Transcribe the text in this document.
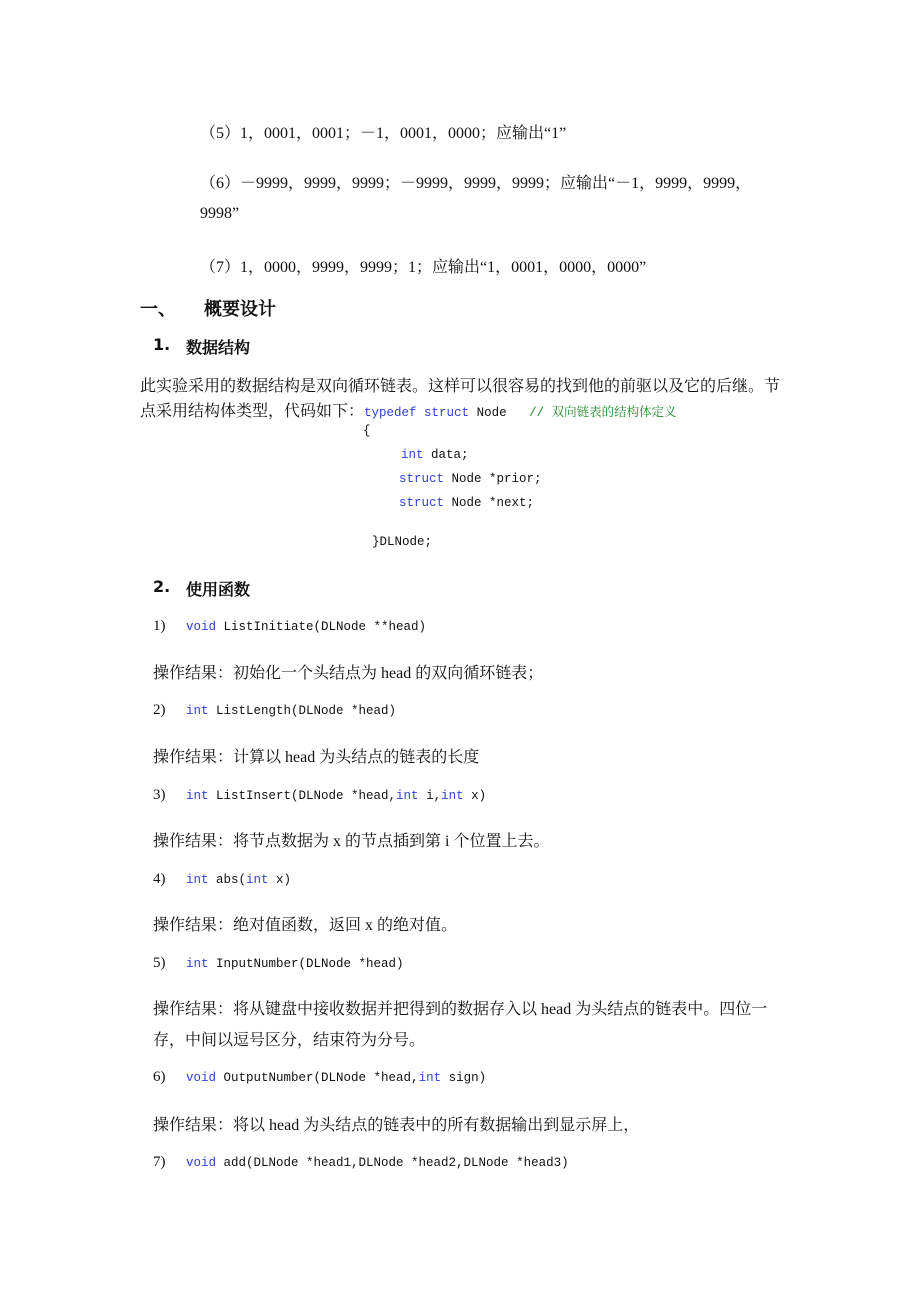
（5）1，0001，0001；－1，0001，0000；应输出“1”
（6）－9999，9999，9999；－9999，9999，9999；应输出“－1，9999，9999，
9998”
（7）1，0000，9999，9999；1；应输出“1，0001，0000，0000”
一、 概要设计
1. 数据结构
此实验采用的数据结构是双向循环链表。这样可以很容易的找到他的前驱以及它的后继。节
点采用结构体类型，代码如下：typedef struct Node // 双向链表的结构体定义
{
int data;
struct Node *prior;
struct Node *next;
}DLNode;
2. 使用函数
1) void ListInitiate(DLNode **head)
操作结果：初始化一个头结点为 head 的双向循环链表；
2) int ListLength(DLNode *head)
操作结果：计算以 head 为头结点的链表的长度
3) int ListInsert(DLNode *head,int i,int x)
操作结果：将节点数据为 x 的节点插到第 i 个位置上去。
4) int abs(int x)
操作结果：绝对值函数，返回 x 的绝对值。
5) int InputNumber(DLNode *head)
操作结果：将从键盘中接收数据并把得到的数据存入以 head 为头结点的链表中。四位一
存，中间以逗号区分，结束符为分号。
6) void OutputNumber(DLNode *head,int sign)
操作结果：将以 head 为头结点的链表中的所有数据输出到显示屏上，
7) void add(DLNode *head1,DLNode *head2,DLNode *head3)
